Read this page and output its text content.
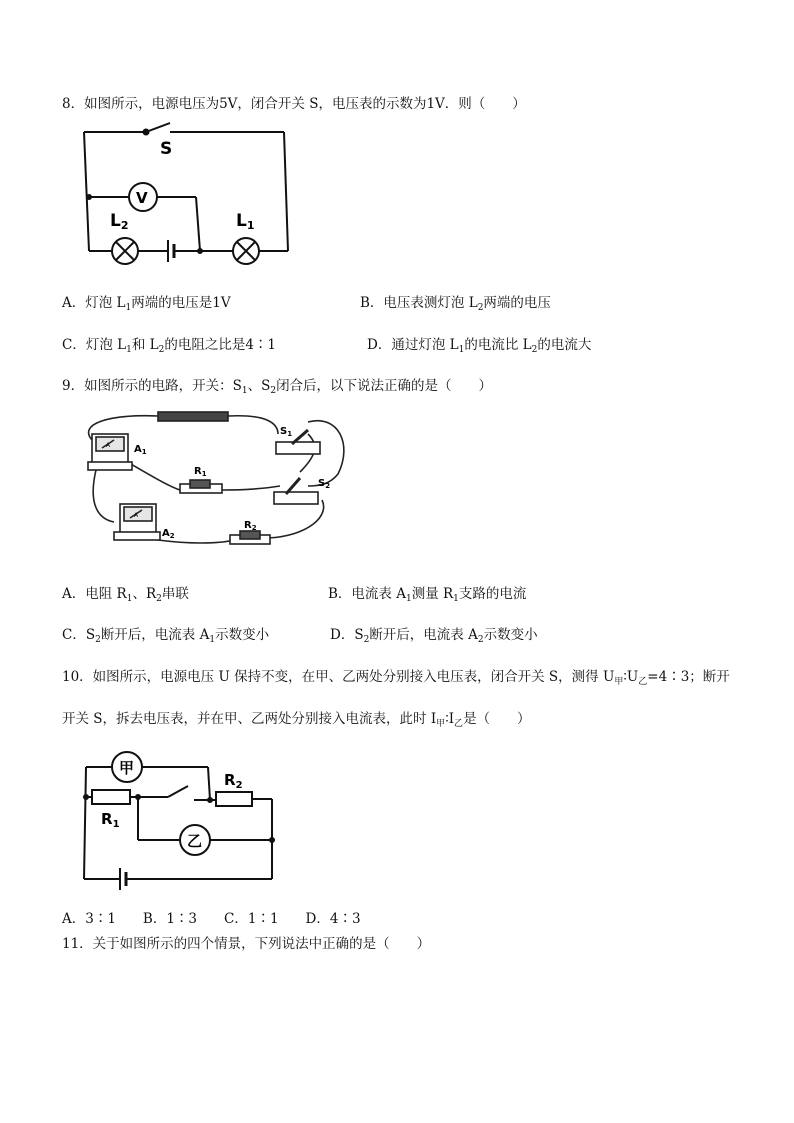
8．如图所示，电源电压为5V，闭合开关 S，电压表的示数为1V．则（　　）
S
V
L2	L1
A．灯泡 $L_1$两端的电压是1V	B．电压表测灯泡 $L_2$两端的电压
C．灯泡 $L_1$和 $L_2$的电阻之比是4∶1	D．通过灯泡 $L_1$的电流比 $L_2$的电流大
9．如图所示的电路，开关：$S_1$、$S_2$闭合后，以下说法正确的是（　　）
A
A
$A_1$
$A_2$
$R_1$
$R_2$
$S_1$
$S_2$
A．电阻 $R_1$、$R_2$串联	B．电流表 $A_1$测量 $R_1$支路的电流
C．$S_2$断开后，电流表 $A_1$示数变小	D．$S_2$断开后，电流表 $A_2$示数变小
10．如图所示，电源电压 U 保持不变，在甲、乙两处分别接入电压表，闭合开关 S，测得 $U_甲∶U_乙=4∶3$；断开
开关 S，拆去电压表，并在甲、乙两处分别接入电流表，此时 $I_甲∶I_乙$是（　　）
甲
乙
$R_1$
$R_2$
A．3∶1　　B．1∶3　　C．1∶1　　D．4∶3
11．关于如图所示的四个情景，下列说法中正确的是（　　）
